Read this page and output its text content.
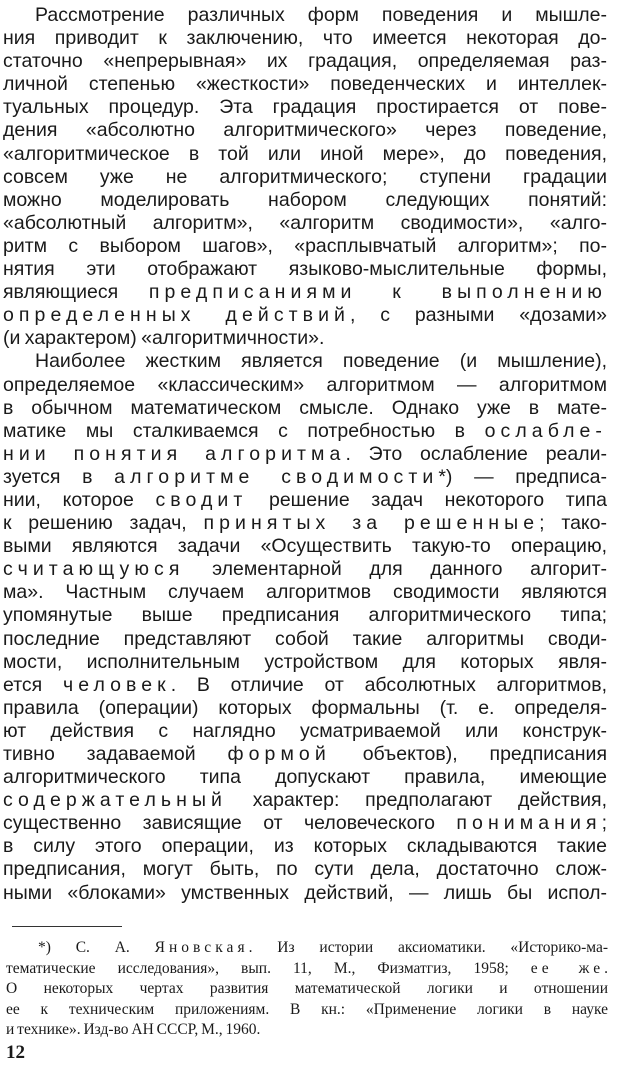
Рассмотрение различных форм поведения и мышле-
ния приводит к заключению, что имеется некоторая до-
статочно «непрерывная» их градация, определяемая раз-
личной степенью «жесткости» поведенческих и интеллек-
туальных процедур. Эта градация простирается от пове-
дения «абсолютно алгоритмического» через поведение,
«алгоритмическое в той или иной мере», до поведения,
совсем уже не алгоритмического; ступени градации
можно моделировать набором следующих понятий:
«абсолютный алгоритм», «алгоритм сводимости», «алго-
ритм с выбором шагов», «расплывчатый алгоритм»; по-
нятия эти отображают языково-мыслительные формы,
являющиеся предписаниями к выполнению
определенных действий, с разными «дозами»
(и характером) «алгоритмичности».
Наиболее жестким является поведение (и мышление),
определяемое «классическим» алгоритмом — алгоритмом
в обычном математическом смысле. Однако уже в мате-
матике мы сталкиваемся с потребностью в ослабле-
нии понятия алгоритма. Это ослабление реали-
зуется в алгоритме сводимости*) — предписа-
нии, которое сводит решение задач некоторого типа
к решению задач, принятых за решенные; тако-
выми являются задачи «Осуществить такую-то операцию,
считающуюся элементарной для данного алгорит-
ма». Частным случаем алгоритмов сводимости являются
упомянутые выше предписания алгоритмического типа;
последние представляют собой такие алгоритмы своди-
мости, исполнительным устройством для которых явля-
ется человек. В отличие от абсолютных алгоритмов,
правила (операции) которых формальны (т. е. определя-
ют действия с наглядно усматриваемой или конструк-
тивно задаваемой формой объектов), предписания
алгоритмического типа допускают правила, имеющие
содержательный характер: предполагают действия,
существенно зависящие от человеческого понимания;
в силу этого операции, из которых складываются такие
предписания, могут быть, по сути дела, достаточно слож-
ными «блоками» умственных действий, — лишь бы испол-
*) С. А. Яновская. Из истории аксиоматики. «Историко-ма-
тематические исследования», вып. 11, М., Физматгиз, 1958; ее же.
О некоторых чертах развития математической логики и отношении
ее к техническим приложениям. В кн.: «Применение логики в науке
и технике». Изд-во АН СССР, М., 1960.
12
